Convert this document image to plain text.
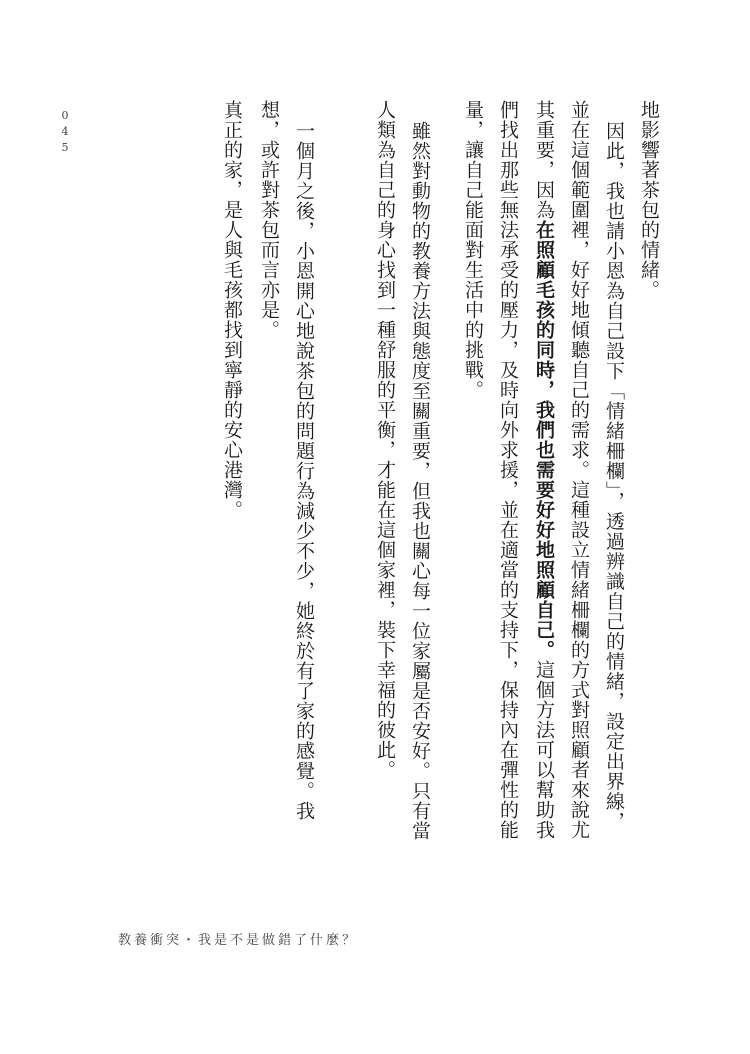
0
4
5	地影響著茶包的情緒。
因此，我也請小恩為自己設下「情緒柵欄」，透過辨識自己的情緒，設定出界線，
並在這個範圍裡，好好地傾聽自己的需求。這種設立情緒柵欄的方式對照顧者來說尤
其重要，因為在照顧毛孩的同時，我們也需要好好地照顧自己。這個方法可以幫助我
們找出那些無法承受的壓力，及時向外求援，並在適當的支持下，保持內在彈性的能
量，讓自己能面對生活中的挑戰。
雖然對動物的教養方法與態度至關重要，但我也關心每一位家屬是否安好。只有當
人類為自己的身心找到一種舒服的平衡，才能在這個家裡，裝下幸福的彼此。
一個月之後，小恩開心地說茶包的問題行為減少不少，她終於有了家的感覺。我
想，或許對茶包而言亦是。
真正的家，是人與毛孩都找到寧靜的安心港灣。
教養衝突・我是不是做錯了什麼？
